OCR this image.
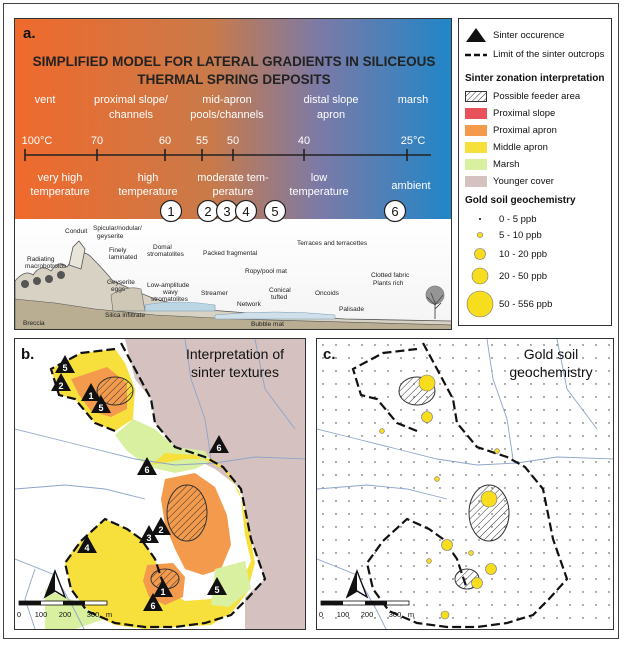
a.
SIMPLIFIED MODEL FOR LATERAL GRADIENTS IN SILICEOUS
THERMAL SPRING DEPOSITS
vent	proximal slope/
channels
mid-apron
pools/channels
distal slope
apron
marsh
100°C	70	60 55 50	40	25°C
very high
temperature
high
temperature
moderate tem-
perature
low
temperature	ambient
1 2 3 4 5	6
Conduit Spicular/nodular/
geyserite
Finely
laminated
Radiating
macrobotroids
Geyserite
eggs
Domal
stromatolites
Low-amplitude
wavy
stromatolites
Packed fragmental
Ropy/pool mat
Terraces and terracettes
Streamer
Network
Conical
tufted
Oncoids
Clotted fabric
Plants rich
Palisade
Breccia
Silica infiltrate
Bubble mat
Sinter occurence
Limit of the sinter outcrops
Sinter zonation interpretation
Possible feeder area
Proximal slope
Proximal apron
Middle apron
Marsh
Younger cover
Gold soil geochemistry
0 - 5 ppb
5 - 10 ppb
10 - 20 ppb
20 - 50 ppb
50 - 556 ppb
5
2
1
5
6
6
4
3
2
1
6
5
b.	Interpretation of
sinter textures
0 100 200 300 m
c.	Gold soil
geochemistry
0 100 200 300 m
